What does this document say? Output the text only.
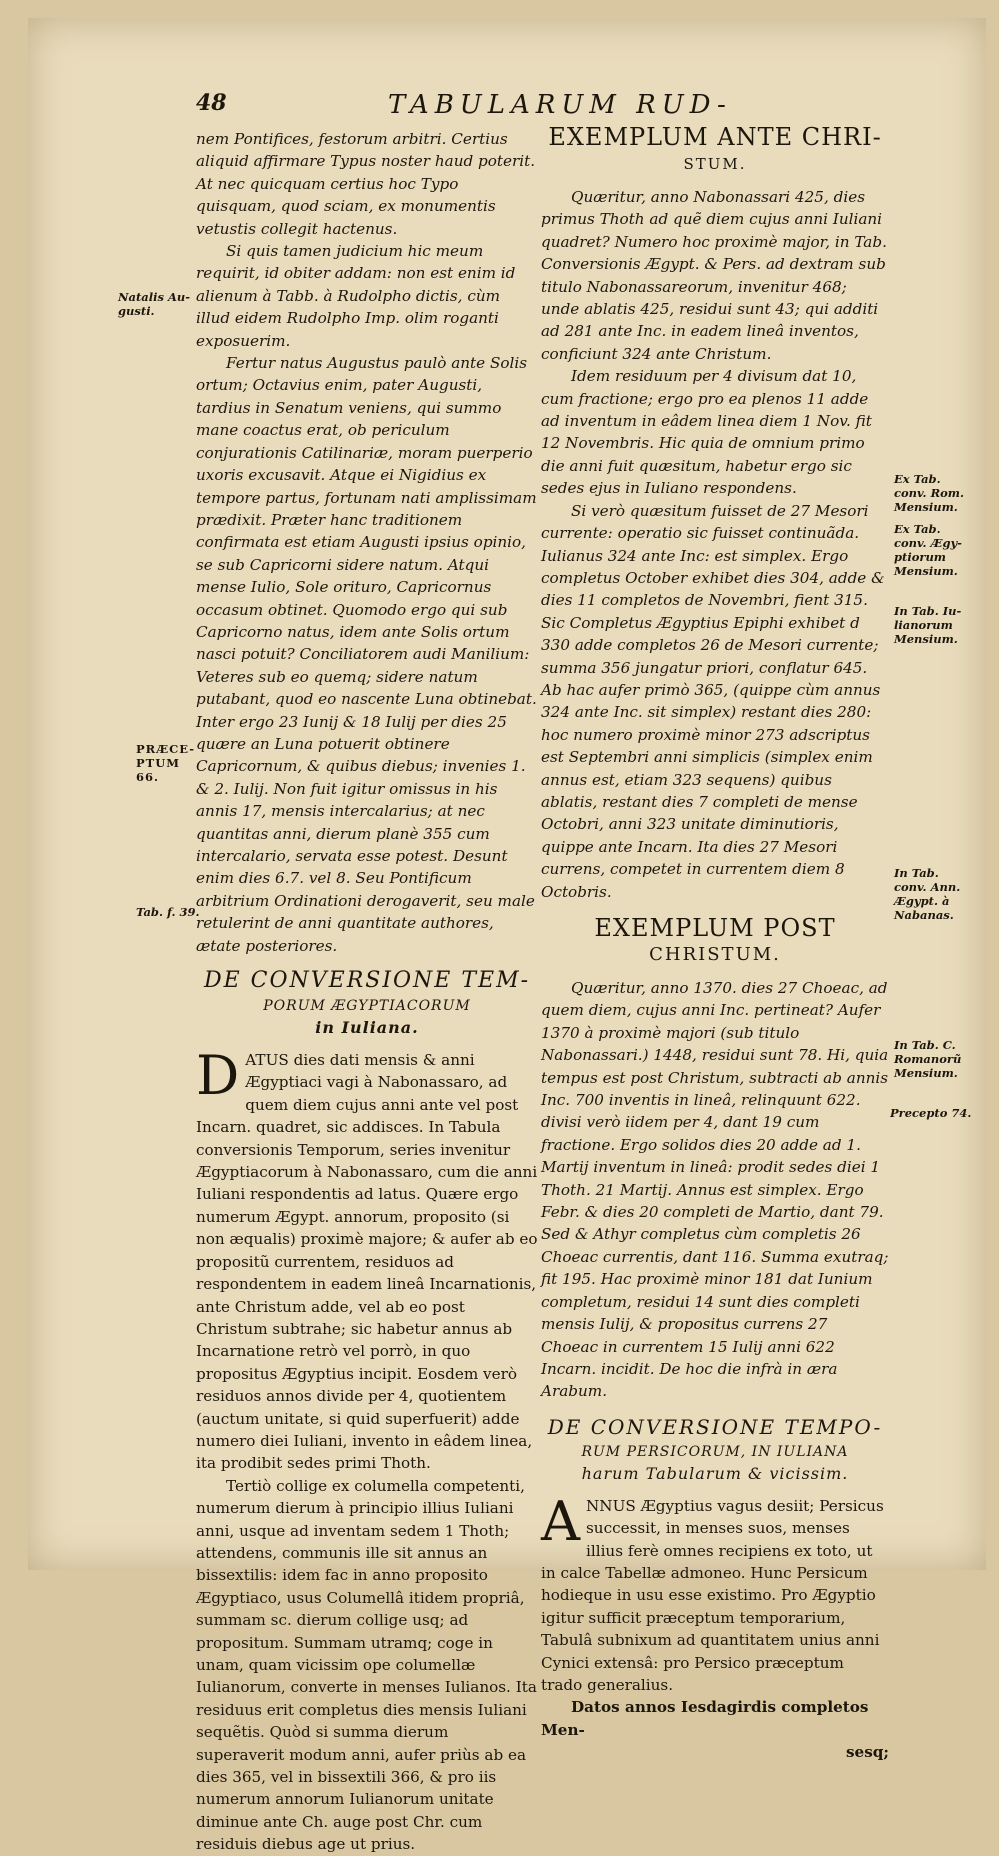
48	TABULARUM RUD-

nem Pontifices, festorum arbitri. Certius aliquid affirmare Typus noster haud poterit. At nec quicquam certius hoc Typo quisquam, quod sciam, ex monumentis vetustis collegit hactenus.

Si quis tamen judicium hic meum requirit, id obiter addam: non est enim id alienum à Tabb. à Rudolpho dictis, cùm illud eidem Rudolpho Imp. olim roganti exposuerim.

Fertur natus Augustus paulò ante Solis ortum; Octavius enim, pater Augusti, tardius in Senatum veniens, qui summo mane coactus erat, ob periculum conjurationis Catilinariæ, moram puerperio uxoris excusavit. Atque ei Nigidius ex tempore partus, fortunam nati amplissimam prædixit. Præter hanc traditionem confirmata est etiam Augusti ipsius opinio, se sub Capricorni sidere natum. Atqui mense Iulio, Sole orituro, Capricornus occasum obtinet. Quomodo ergo qui sub Capricorno natus, idem ante Solis ortum nasci potuit? Conciliatorem audi Manilium: Veteres sub eo quemq; sidere natum putabant, quod eo nascente Luna obtinebat. Inter ergo 23 Iunij & 18 Iulij per dies 25 quære an Luna potuerit obtinere Capricornum, & quibus diebus; invenies 1. & 2. Iulij. Non fuit igitur omissus in his annis 17, mensis intercalarius; at nec quantitas anni, dierum planè 355 cum intercalario, servata esse potest. Desunt enim dies 6.7. vel 8. Seu Pontificum arbitrium Ordinationi derogaverit, seu male retulerint de anni quantitate authores, ætate posteriores.

DE CONVERSIONE TEM-
PORUM ÆGYPTIACORUM
in Iuliana.

DATUS dies dati mensis & anni Ægyptiaci vagi à Nabonassaro, ad quem diem cujus anni ante vel post Incarn. quadret, sic addisces. In Tabula conversionis Temporum, series invenitur Ægyptiacorum à Nabonassaro, cum die anni Iuliani respondentis ad latus. Quære ergo numerum Ægypt. annorum, proposito (si non æqualis) proximè majore; & aufer ab eo propositũ currentem, residuos ad respondentem in eadem lineâ Incarnationis, ante Christum adde, vel ab eo post Christum subtrahe; sic habetur annus ab Incarnatione retrò vel porrò, in quo propositus Ægyptius incipit. Eosdem verò residuos annos divide per 4, quotientem (auctum unitate, si quid superfuerit) adde numero diei Iuliani, invento in eâdem linea, ita prodibit sedes primi Thoth.

Tertiò collige ex columella competenti, numerum dierum à principio illius Iuliani anni, usque ad inventam sedem 1 Thoth; attendens, communis ille sit annus an bissextilis: idem fac in anno proposito Ægyptiaco, usus Columellâ itidem propriâ, summam sc. dierum collige usq; ad propositum. Summam utramq; coge in unam, quam vicissim ope columellæ Iulianorum, converte in menses Iulianos. Ita residuus erit completus dies mensis Iuliani sequẽtis. Quòd si summa dierum superaverit modum anni, aufer priùs ab ea dies 365, vel in bissextili 366, & pro iis numerum annorum Iulianorum unitate diminue ante Ch. auge post Chr. cum residuis diebus age ut prius.

EXEMPLUM ANTE CHRI-
STUM.

Quæritur, anno Nabonassari 425, dies primus Thoth ad quẽ diem cujus anni Iuliani quadret? Numero hoc proximè major, in Tab. Conversionis Ægypt. & Pers. ad dextram sub titulo Nabonassareorum, invenitur 468; unde ablatis 425, residui sunt 43; qui additi ad 281 ante Inc. in eadem lineâ inventos, conficiunt 324 ante Christum.

Idem residuum per 4 divisum dat 10, cum fractione; ergo pro ea plenos 11 adde ad inventum in eâdem linea diem 1 Nov. fit 12 Novembris. Hic quia de omnium primo die anni fuit quæsitum, habetur ergo sic sedes ejus in Iuliano respondens.

Si verò quæsitum fuisset de 27 Mesori currente: operatio sic fuisset continuãda. Iulianus 324 ante Inc: est simplex. Ergo completus October exhibet dies 304, adde & dies 11 completos de Novembri, fient 315. Sic Completus Ægyptius Epiphi exhibet d 330 adde completos 26 de Mesori currente; summa 356 jungatur priori, conflatur 645. Ab hac aufer primò 365, (quippe cùm annus 324 ante Inc. sit simplex) restant dies 280: hoc numero proximè minor 273 adscriptus est Septembri anni simplicis (simplex enim annus est, etiam 323 sequens) quibus ablatis, restant dies 7 completi de mense Octobri, anni 323 unitate diminutioris, quippe ante Incarn. Ita dies 27 Mesori currens, competet in currentem diem 8 Octobris.

EXEMPLUM POST
CHRISTUM.

Quæritur, anno 1370. dies 27 Choeac, ad quem diem, cujus anni Inc. pertineat? Aufer 1370 à proximè majori (sub titulo Nabonassari.) 1448, residui sunt 78. Hi, quia tempus est post Christum, subtracti ab annis Inc. 700 inventis in lineâ, relinquunt 622. divisi verò iidem per 4, dant 19 cum fractione. Ergo solidos dies 20 adde ad 1. Martij inventum in lineâ: prodit sedes diei 1 Thoth. 21 Martij. Annus est simplex. Ergo Febr. & dies 20 completi de Martio, dant 79. Sed & Athyr completus cùm completis 26 Choeac currentis, dant 116. Summa exutraq; fit 195. Hac proximè minor 181 dat Iunium completum, residui 14 sunt dies completi mensis Iulij, & propositus currens 27 Choeac in currentem 15 Iulij anni 622 Incarn. incidit. De hoc die infrà in æra Arabum.

DE CONVERSIONE TEMPO-
RUM PERSICORUM, IN IULIANA
harum Tabularum & vicissim.

ANNUS Ægyptius vagus desiit; Persicus successit, in menses suos, menses illius ferè omnes recipiens ex toto, ut in calce Tabellæ admoneo. Hunc Persicum hodieque in usu esse existimo. Pro Ægyptio igitur sufficit præceptum temporarium, Tabulâ subnixum ad quantitatem unius anni Cynici extensâ: pro Persico præceptum trado generalius.

Datos annos Iesdagirdis completos Men-

sesq;
Natalis Au-
gusti.
PRÆCE-
PTUM 66.
Tab. f. 39.
Ex Tab.
conv. Rom.
Mensium.
Ex Tab.
conv. Ægy-
ptiorum
Mensium.
In Tab. Iu-
lianorum
Mensium.
In Tab.
conv. Ann.
Ægypt. à
Nabanas.
In Tab. C.
Romanorũ
Mensium.
Precepto 74.
